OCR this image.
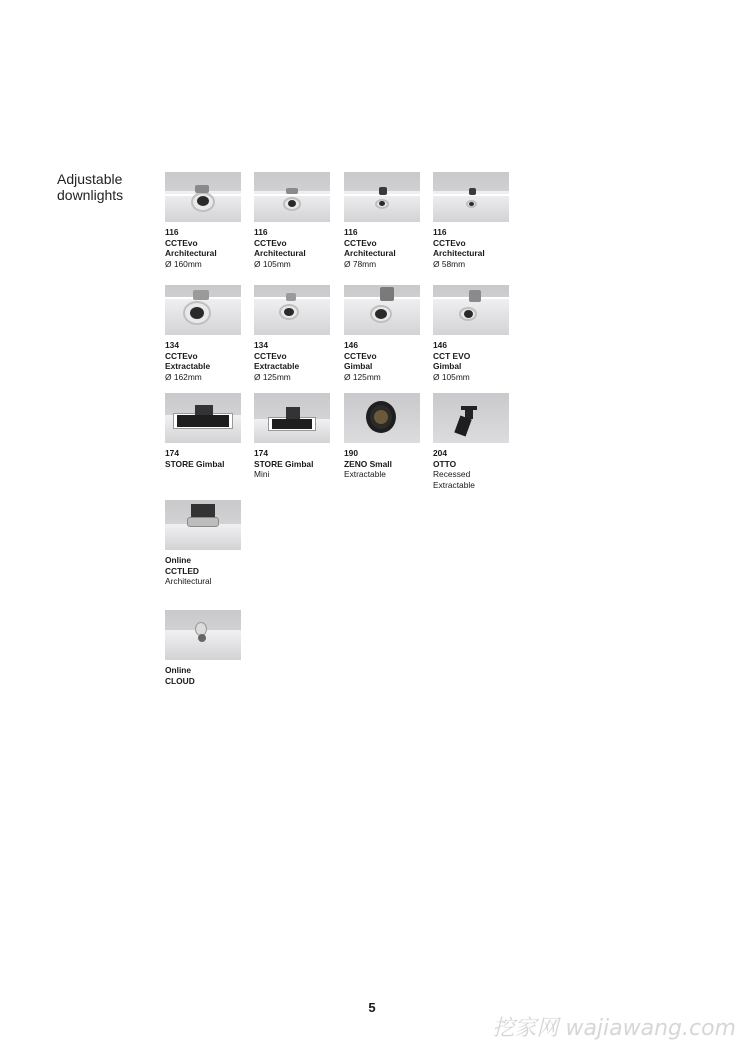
Adjustable
downlights
116
CCTEvo
Architectural
Ø 160mm
116
CCTEvo
Architectural
Ø 105mm
116
CCTEvo
Architectural
Ø 78mm
116
CCTEvo
Architectural
Ø 58mm
134
CCTEvo
Extractable
Ø 162mm
134
CCTEvo
Extractable
Ø 125mm
146
CCTEvo
Gimbal
Ø 125mm
146
CCT EVO
Gimbal
Ø 105mm
174
STORE Gimbal
174
STORE Gimbal
Mini
190
ZENO Small
Extractable
204
OTTO
Recessed
Extractable
Online
CCTLED
Architectural
Online
CLOUD
5
挖家网 wajiawang.com
